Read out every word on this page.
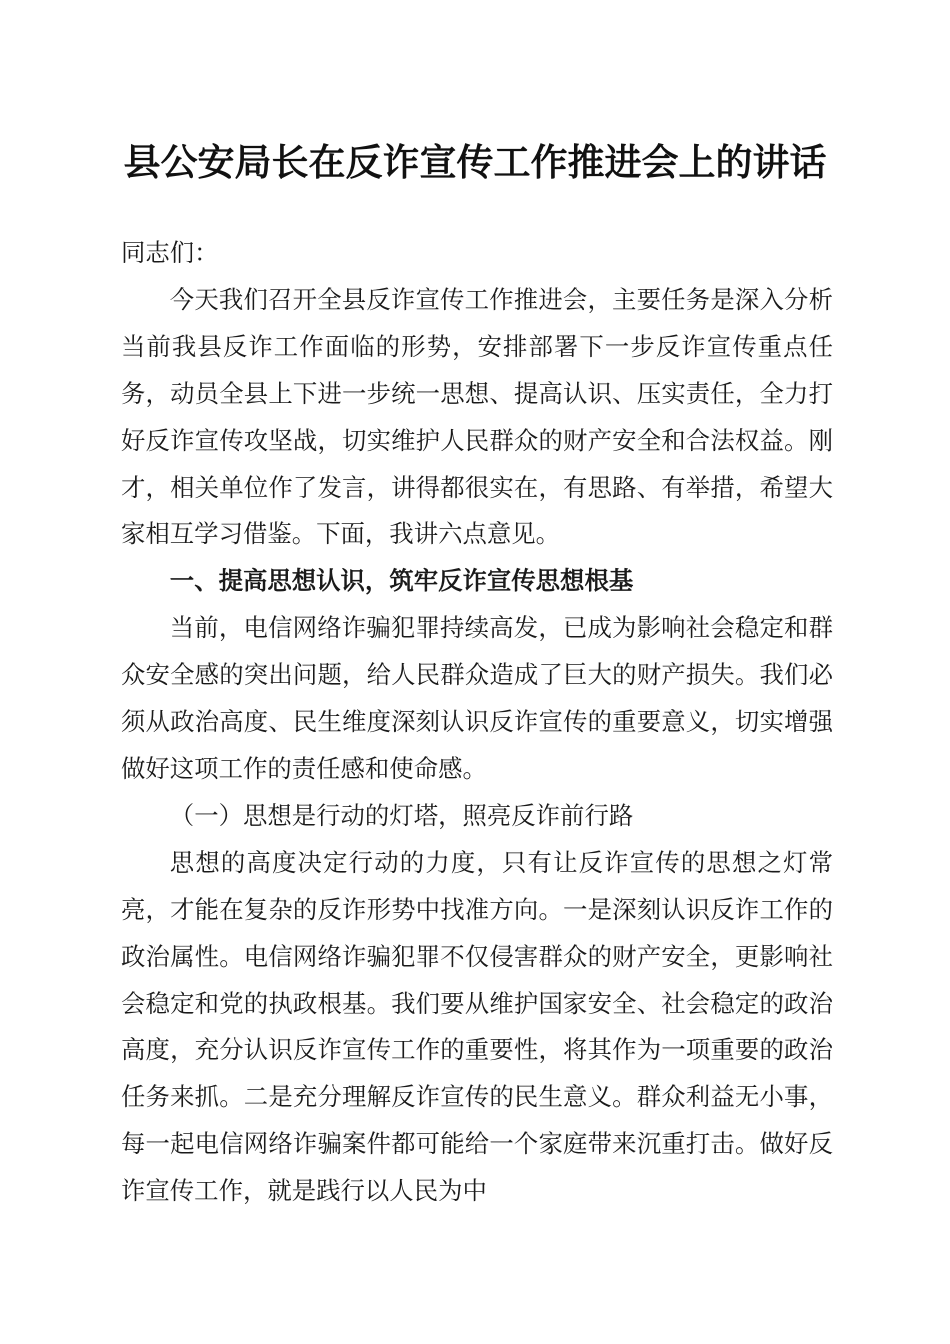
县公安局长在反诈宣传工作推进会上的讲话

同志们：

今天我们召开全县反诈宣传工作推进会，主要任务是深入分析当前我县反诈工作面临的形势，安排部署下一步反诈宣传重点任务，动员全县上下进一步统一思想、提高认识、压实责任，全力打好反诈宣传攻坚战，切实维护人民群众的财产安全和合法权益。刚才，相关单位作了发言，讲得都很实在，有思路、有举措，希望大家相互学习借鉴。下面，我讲六点意见。

一、提高思想认识，筑牢反诈宣传思想根基

当前，电信网络诈骗犯罪持续高发，已成为影响社会稳定和群众安全感的突出问题，给人民群众造成了巨大的财产损失。我们必须从政治高度、民生维度深刻认识反诈宣传的重要意义，切实增强做好这项工作的责任感和使命感。

（一）思想是行动的灯塔，照亮反诈前行路

思想的高度决定行动的力度，只有让反诈宣传的思想之灯常亮，才能在复杂的反诈形势中找准方向。一是深刻认识反诈工作的政治属性。电信网络诈骗犯罪不仅侵害群众的财产安全，更影响社会稳定和党的执政根基。我们要从维护国家安全、社会稳定的政治高度，充分认识反诈宣传工作的重要性，将其作为一项重要的政治任务来抓。二是充分理解反诈宣传的民生意义。群众利益无小事，每一起电信网络诈骗案件都可能给一个家庭带来沉重打击。做好反诈宣传工作，就是践行以人民为中
